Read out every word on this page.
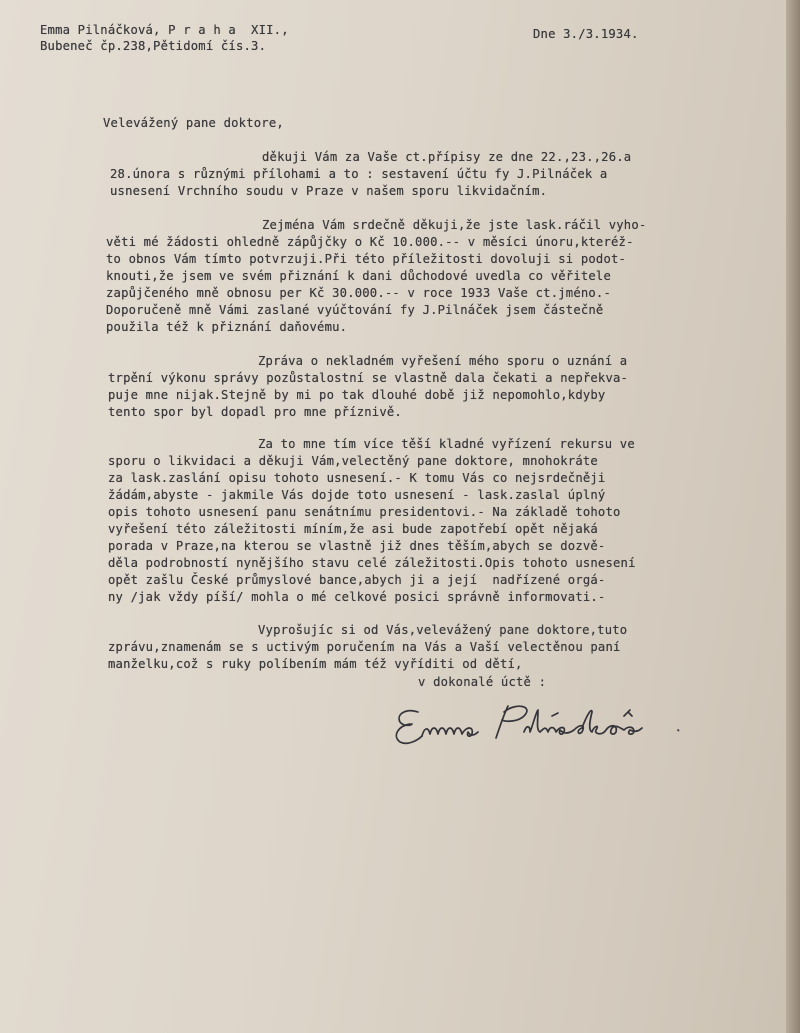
Emma Pilnáčková, P r a h a  XII.,
Bubeneč čp.238,Pětidomí čís.3.
Dne 3./3.1934.
Velevážený pane doktore,
děkuji Vám za Vaše ct.přípisy ze dne 22.,23.,26.a
28.února s různými přílohami a to : sestavení účtu fy J.Pilnáček a
usnesení Vrchního soudu v Praze v našem sporu likvidačním.
Zejména Vám srdečně děkuji,že jste lask.ráčil vyho-
věti mé žádosti ohledně zápůjčky o Kč 10.000.-- v měsíci únoru,kteréž-
to obnos Vám tímto potvrzuji.Při této příležitosti dovoluji si podot-
knouti,že jsem ve svém přiznání k dani důchodové uvedla co věřitele
zapůjčeného mně obnosu per Kč 30.000.-- v roce 1933 Vaše ct.jméno.-
Doporučeně mně Vámi zaslané vyúčtování fy J.Pilnáček jsem částečně
použila též k přiznání daňovému.
Zpráva o nekladném vyřešení mého sporu o uznání a
trpění výkonu správy pozůstalostní se vlastně dala čekati a nepřekva-
puje mne nijak.Stejně by mi po tak dlouhé době již nepomohlo,kdyby
tento spor byl dopadl pro mne příznivě.
Za to mne tím více těší kladné vyřízení rekursu ve
sporu o likvidaci a děkuji Vám,velectěný pane doktore, mnohokráte
za lask.zaslání opisu tohoto usnesení.- K tomu Vás co nejsrdečněji
žádám,abyste - jakmile Vás dojde toto usnesení - lask.zaslal úplný
opis tohoto usnesení panu senátnímu presidentovi.- Na základě tohoto
vyřešení této záležitosti míním,že asi bude zapotřebí opět nějaká
porada v Praze,na kterou se vlastně již dnes těším,abych se dozvě-
děla podrobností nynějšího stavu celé záležitosti.Opis tohoto usnesení
opět zašlu České průmyslové bance,abych ji a její  nadřízené orgá-
ny /jak vždy píší/ mohla o mé celkové posici správně informovati.-
Vyprošujíc si od Vás,velevážený pane doktore,tuto
zprávu,znamenám se s uctivým poručením na Vás a Vaší velectěnou paní
manželku,což s ruky políbením mám též vyříditi od dětí,
v dokonalé úctě :
